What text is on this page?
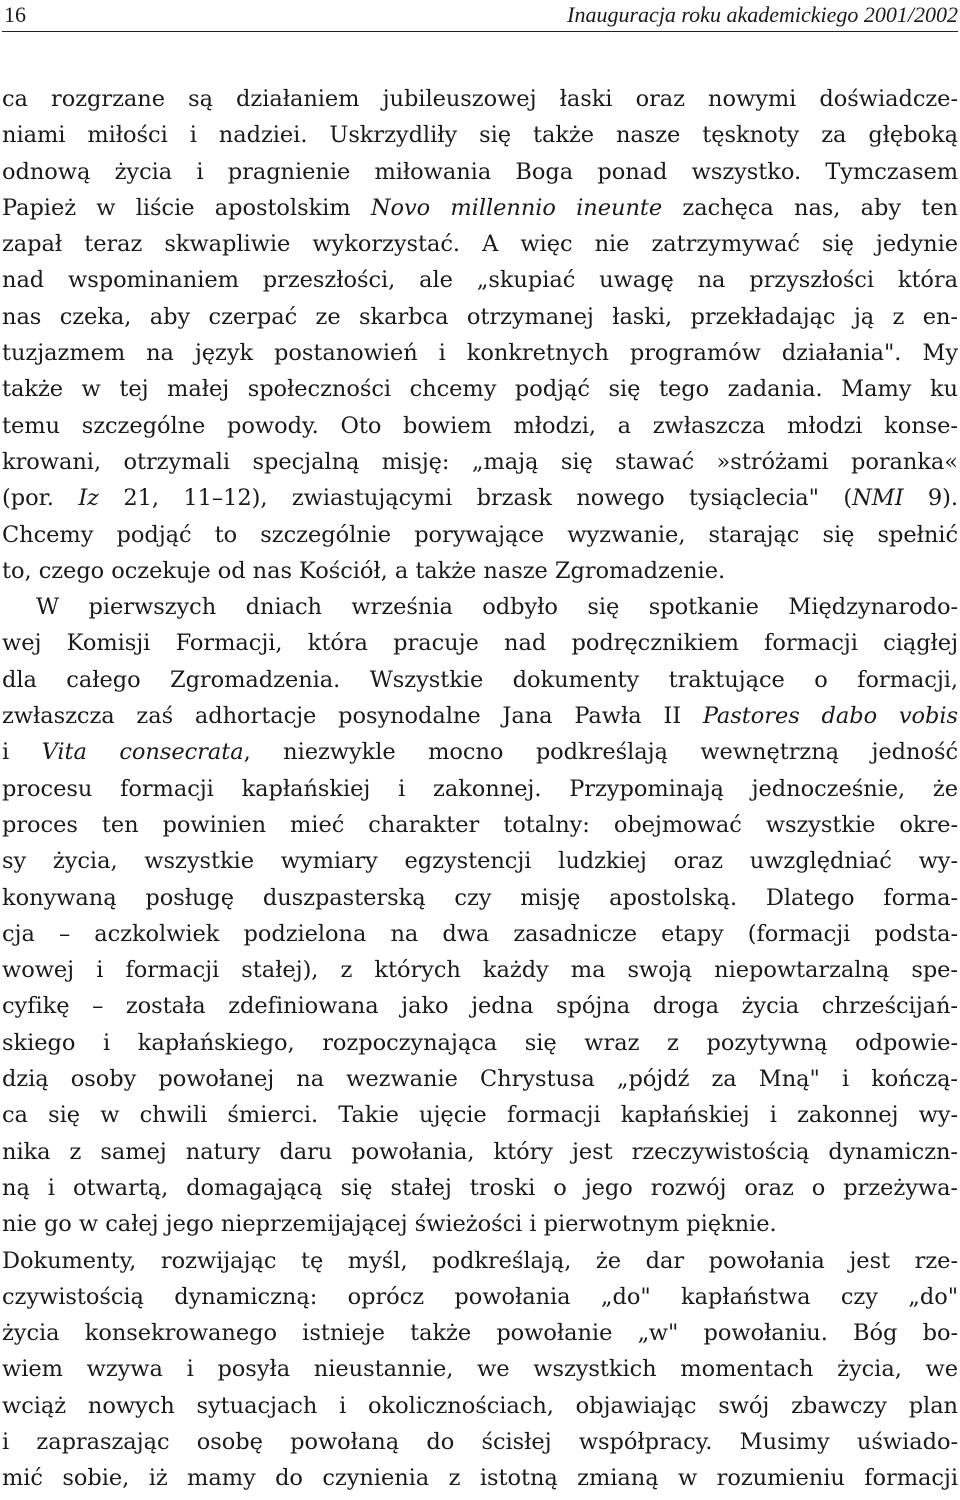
16	Inauguracja roku akademickiego 2001/2002
ca rozgrzane są działaniem jubileuszowej łaski oraz nowymi doświadcze-
niami miłości i nadziei. Uskrzydliły się także nasze tęsknoty za głęboką
odnową życia i pragnienie miłowania Boga ponad wszystko. Tymczasem
Papież w liście apostolskim Novo millennio ineunte zachęca nas, aby ten
zapał teraz skwapliwie wykorzystać. A więc nie zatrzymywać się jedynie
nad wspominaniem przeszłości, ale „skupiać uwagę na przyszłości która
nas czeka, aby czerpać ze skarbca otrzymanej łaski, przekładając ją z en-
tuzjazmem na język postanowień i konkretnych programów działania". My
także w tej małej społeczności chcemy podjąć się tego zadania. Mamy ku
temu szczególne powody. Oto bowiem młodzi, a zwłaszcza młodzi konse-
krowani, otrzymali specjalną misję: „mają się stawać »stróżami poranka«
(por. Iz 21, 11–12), zwiastującymi brzask nowego tysiąclecia" (NMI 9).
Chcemy podjąć to szczególnie porywające wyzwanie, starając się spełnić
to, czego oczekuje od nas Kościół, a także nasze Zgromadzenie.
W pierwszych dniach września odbyło się spotkanie Międzynarodo-
wej Komisji Formacji, która pracuje nad podręcznikiem formacji ciągłej
dla całego Zgromadzenia. Wszystkie dokumenty traktujące o formacji,
zwłaszcza zaś adhortacje posynodalne Jana Pawła II Pastores dabo vobis
i Vita consecrata, niezwykle mocno podkreślają wewnętrzną jedność
procesu formacji kapłańskiej i zakonnej. Przypominają jednocześnie, że
proces ten powinien mieć charakter totalny: obejmować wszystkie okre-
sy życia, wszystkie wymiary egzystencji ludzkiej oraz uwzględniać wy-
konywaną posługę duszpasterską czy misję apostolską. Dlatego forma-
cja – aczkolwiek podzielona na dwa zasadnicze etapy (formacji podsta-
wowej i formacji stałej), z których każdy ma swoją niepowtarzalną spe-
cyfikę – została zdefiniowana jako jedna spójna droga życia chrześcijań-
skiego i kapłańskiego, rozpoczynająca się wraz z pozytywną odpowie-
dzią osoby powołanej na wezwanie Chrystusa „pójdź za Mną" i kończą-
ca się w chwili śmierci. Takie ujęcie formacji kapłańskiej i zakonnej wy-
nika z samej natury daru powołania, który jest rzeczywistością dynamiczn-
ną i otwartą, domagającą się stałej troski o jego rozwój oraz o przeżywa-
nie go w całej jego nieprzemijającej świeżości i pierwotnym pięknie.
Dokumenty, rozwijając tę myśl, podkreślają, że dar powołania jest rze-
czywistością dynamiczną: oprócz powołania „do" kapłaństwa czy „do"
życia konsekrowanego istnieje także powołanie „w" powołaniu. Bóg bo-
wiem wzywa i posyła nieustannie, we wszystkich momentach życia, we
wciąż nowych sytuacjach i okolicznościach, objawiając swój zbawczy plan
i zapraszając osobę powołaną do ścisłej współpracy. Musimy uświado-
mić sobie, iż mamy do czynienia z istotną zmianą w rozumieniu formacji
